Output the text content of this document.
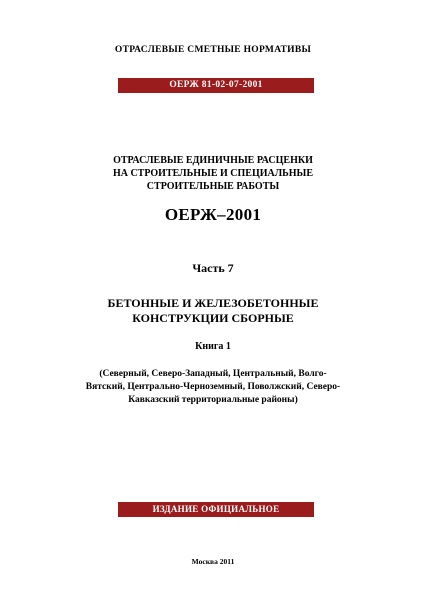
ОТРАСЛЕВЫЕ СМЕТНЫЕ НОРМАТИВЫ
ОЕРЖ 81-02-07-2001
ОТРАСЛЕВЫЕ ЕДИНИЧНЫЕ РАСЦЕНКИ
НА СТРОИТЕЛЬНЫЕ И СПЕЦИАЛЬНЫЕ
СТРОИТЕЛЬНЫЕ РАБОТЫ
ОЕРЖ–2001
Часть 7
БЕТОННЫЕ И ЖЕЛЕЗОБЕТОННЫЕ
КОНСТРУКЦИИ СБОРНЫЕ
Книга 1
(Северный, Северо-Западный, Центральный, Волго-
Вятский, Центрально-Черноземный, Поволжский, Северо-
Кавказский территориальные районы)
ИЗДАНИЕ ОФИЦИАЛЬНОЕ
Москва 2011
